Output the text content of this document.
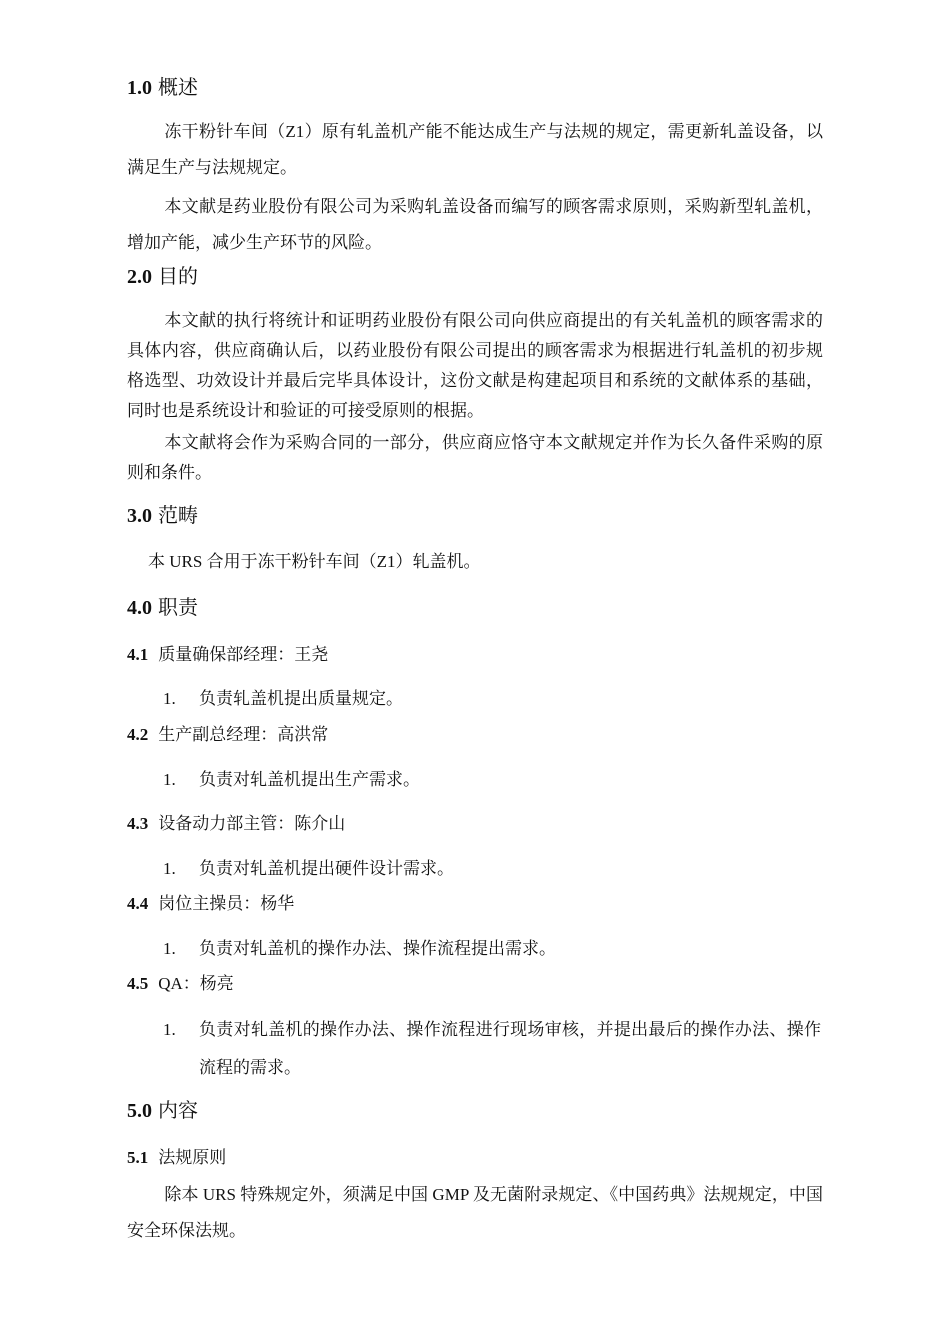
1.0 概述
冻干粉针车间（Z1）原有轧盖机产能不能达成生产与法规的规定，需更新轧盖设备，以满足生产与法规规定。
本文献是药业股份有限公司为采购轧盖设备而编写的顾客需求原则，采购新型轧盖机，增加产能，减少生产环节的风险。
2.0 目的
本文献的执行将统计和证明药业股份有限公司向供应商提出的有关轧盖机的顾客需求的具体内容，供应商确认后，以药业股份有限公司提出的顾客需求为根据进行轧盖机的初步规格选型、功效设计并最后完毕具体设计，这份文献是构建起项目和系统的文献体系的基础，同时也是系统设计和验证的可接受原则的根据。
本文献将会作为采购合同的一部分，供应商应恪守本文献规定并作为长久备件采购的原则和条件。
3.0 范畴
本 URS 合用于冻干粉针车间（Z1）轧盖机。
4.0 职责
4.1 质量确保部经理：王尧
1. 负责轧盖机提出质量规定。
4.2 生产副总经理：高洪常
1. 负责对轧盖机提出生产需求。
4.3 设备动力部主管：陈介山
1. 负责对轧盖机提出硬件设计需求。
4.4 岗位主操员：杨华
1. 负责对轧盖机的操作办法、操作流程提出需求。
4.5 QA：杨亮
1. 负责对轧盖机的操作办法、操作流程进行现场审核，并提出最后的操作办法、操作流程的需求。
5.0 内容
5.1 法规原则
除本 URS 特殊规定外，须满足中国 GMP 及无菌附录规定、《中国药典》法规规定，中国安全环保法规。
